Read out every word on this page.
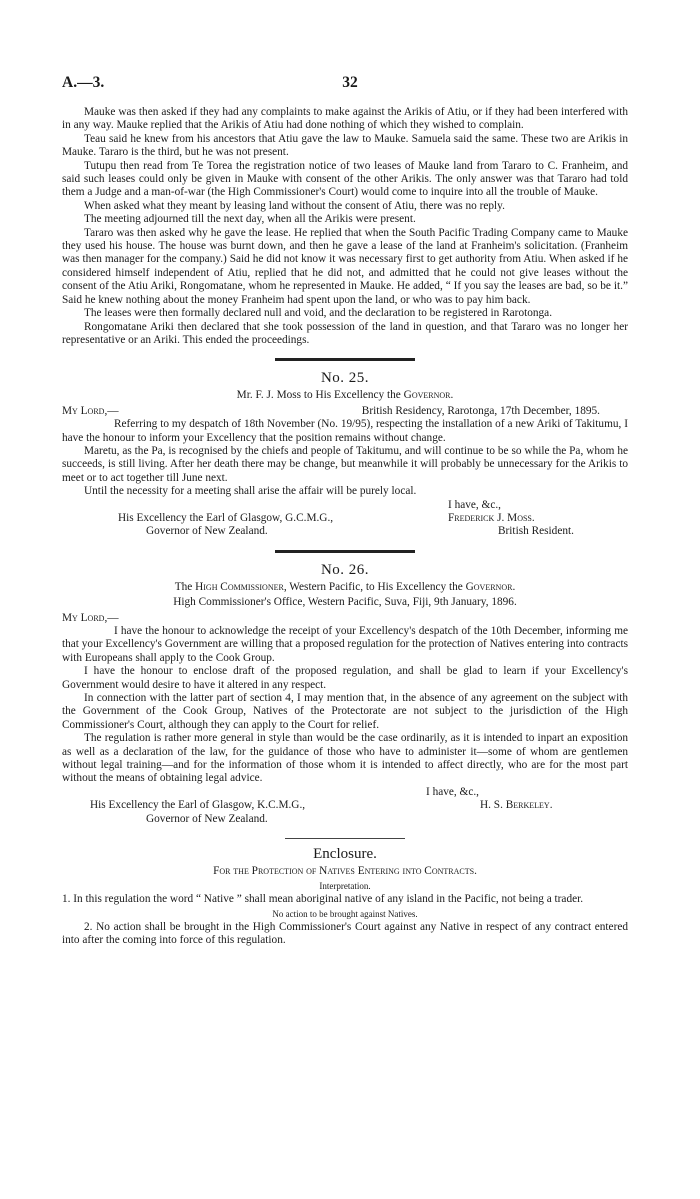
A.—3.	32

Mauke was then asked if they had any complaints to make against the Arikis of Atiu, or if they had been interfered with in any way. Mauke replied that the Arikis of Atiu had done nothing of which they wished to complain.

Teau said he knew from his ancestors that Atiu gave the law to Mauke. Samuela said the same. These two are Arikis in Mauke. Tararo is the third, but he was not present.

Tutupu then read from Te Torea the registration notice of two leases of Mauke land from Tararo to C. Franheim, and said such leases could only be given in Mauke with consent of the other Arikis. The only answer was that Tararo had told them a Judge and a man-of-war (the High Commissioner's Court) would come to inquire into all the trouble of Mauke.

When asked what they meant by leasing land without the consent of Atiu, there was no reply.

The meeting adjourned till the next day, when all the Arikis were present.

Tararo was then asked why he gave the lease. He replied that when the South Pacific Trading Company came to Mauke they used his house. The house was burnt down, and then he gave a lease of the land at Franheim's solicitation. (Franheim was then manager for the company.) Said he did not know it was necessary first to get authority from Atiu. When asked if he considered himself independent of Atiu, replied that he did not, and admitted that he could not give leases without the consent of the Atiu Ariki, Rongomatane, whom he represented in Mauke. He added, “ If you say the leases are bad, so be it.” Said he knew nothing about the money Franheim had spent upon the land, or who was to pay him back.

The leases were then formally declared null and void, and the declaration to be registered in Rarotonga.

Rongomatane Ariki then declared that she took possession of the land in question, and that Tararo was no longer her representative or an Ariki. This ended the proceedings.

No. 25.
Mr. F. J. Moss to His Excellency the Governor.
My Lord,—	British Residency, Rarotonga, 17th December, 1895.

Referring to my despatch of 18th November (No. 19/95), respecting the installation of a new Ariki of Takitumu, I have the honour to inform your Excellency that the position remains without change.

Maretu, as the Pa, is recognised by the chiefs and people of Takitumu, and will continue to be so while the Pa, whom he succeeds, is still living. After her death there may be change, but meanwhile it will probably be unnecessary for the Arikis to meet or to act together till June next.

Until the necessity for a meeting shall arise the affair will be purely local.

I have, &c.,
His Excellency the Earl of Glasgow, G.C.M.G.,	Frederick J. Moss.
Governor of New Zealand.	British Resident.
No. 26.
The High Commissioner, Western Pacific, to His Excellency the Governor.
High Commissioner's Office, Western Pacific, Suva, Fiji, 9th January, 1896.
My Lord,—

I have the honour to acknowledge the receipt of your Excellency's despatch of the 10th December, informing me that your Excellency's Government are willing that a proposed regulation for the protection of Natives entering into contracts with Europeans shall apply to the Cook Group.

I have the honour to enclose draft of the proposed regulation, and shall be glad to learn if your Excellency's Government would desire to have it altered in any respect.

In connection with the latter part of section 4, I may mention that, in the absence of any agreement on the subject with the Government of the Cook Group, Natives of the Protectorate are not subject to the jurisdiction of the High Commissioner's Court, although they can apply to the Court for relief.

The regulation is rather more general in style than would be the case ordinarily, as it is intended to inpart an exposition as well as a declaration of the law, for the guidance of those who have to administer it—some of whom are gentlemen without legal training—and for the information of those whom it is intended to affect directly, who are for the most part without the means of obtaining legal advice.

I have, &c.,
His Excellency the Earl of Glasgow, K.C.M.G.,	H. S. Berkeley.
Governor of New Zealand.
Enclosure.
For the Protection of Natives Entering into Contracts.
Interpretation.

1. In this regulation the word “ Native ” shall mean aboriginal native of any island in the Pacific, not being a trader.

No action to be brought against Natives.

2. No action shall be brought in the High Commissioner's Court against any Native in respect of any contract entered into after the coming into force of this regulation.
